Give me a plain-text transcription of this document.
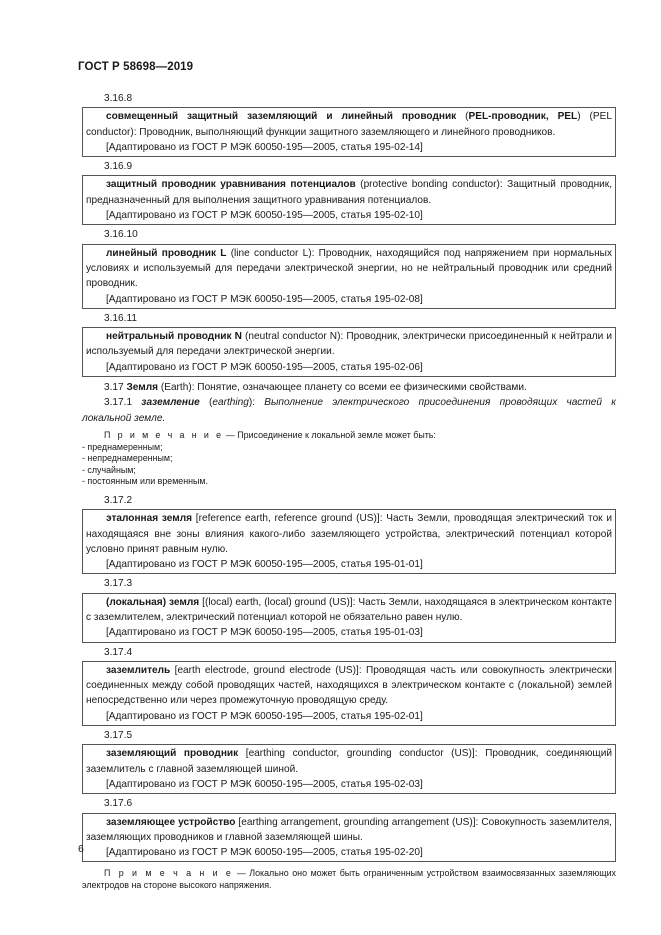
ГОСТ Р 58698—2019
3.16.8
совмещенный защитный заземляющий и линейный проводник (PEL-проводник, PEL) (PEL conductor): Проводник, выполняющий функции защитного заземляющего и линейного проводников.
[Адаптировано из ГОСТ Р МЭК 60050-195—2005, статья 195-02-14]
3.16.9
защитный проводник уравнивания потенциалов (protective bonding conductor): Защитный проводник, предназначенный для выполнения защитного уравнивания потенциалов.
[Адаптировано из ГОСТ Р МЭК 60050-195—2005, статья 195-02-10]
3.16.10
линейный проводник L (line conductor L): Проводник, находящийся под напряжением при нормальных условиях и используемый для передачи электрической энергии, но не нейтральный проводник или средний проводник.
[Адаптировано из ГОСТ Р МЭК 60050-195—2005, статья 195-02-08]
3.16.11
нейтральный проводник N (neutral conductor N): Проводник, электрически присоединенный к нейтрали и используемый для передачи электрической энергии.
[Адаптировано из ГОСТ Р МЭК 60050-195—2005, статья 195-02-06]
3.17 Земля (Earth): Понятие, означающее планету со всеми ее физическими свойствами.
3.17.1 заземление (earthing): Выполнение электрического присоединения проводящих частей к локальной земле.
П р и м е ч а н и е — Присоединение к локальной земле может быть:
- преднамеренным;
- непреднамеренным;
- случайным;
- постоянным или временным.
3.17.2
эталонная земля [reference earth, reference ground (US)]: Часть Земли, проводящая электрический ток и находящаяся вне зоны влияния какого-либо заземляющего устройства, электрический потенциал которой условно принят равным нулю.
[Адаптировано из ГОСТ Р МЭК 60050-195—2005, статья 195-01-01]
3.17.3
(локальная) земля [(local) earth, (local) ground (US)]: Часть Земли, находящаяся в электрическом контакте с заземлителем, электрический потенциал которой не обязательно равен нулю.
[Адаптировано из ГОСТ Р МЭК 60050-195—2005, статья 195-01-03]
3.17.4
заземлитель [earth electrode, ground electrode (US)]: Проводящая часть или совокупность электрически соединенных между собой проводящих частей, находящихся в электрическом контакте с (локальной) землей непосредственно или через промежуточную проводящую среду.
[Адаптировано из ГОСТ Р МЭК 60050-195—2005, статья 195-02-01]
3.17.5
заземляющий проводник [earthing conductor, grounding conductor (US)]: Проводник, соединяющий заземлитель с главной заземляющей шиной.
[Адаптировано из ГОСТ Р МЭК 60050-195—2005, статья 195-02-03]
3.17.6
заземляющее устройство [earthing arrangement, grounding arrangement (US)]: Совокупность заземлителя, заземляющих проводников и главной заземляющей шины.
[Адаптировано из ГОСТ Р МЭК 60050-195—2005, статья 195-02-20]
П р и м е ч а н и е — Локально оно может быть ограниченным устройством взаимосвязанных заземляющих электродов на стороне высокого напряжения.
6
